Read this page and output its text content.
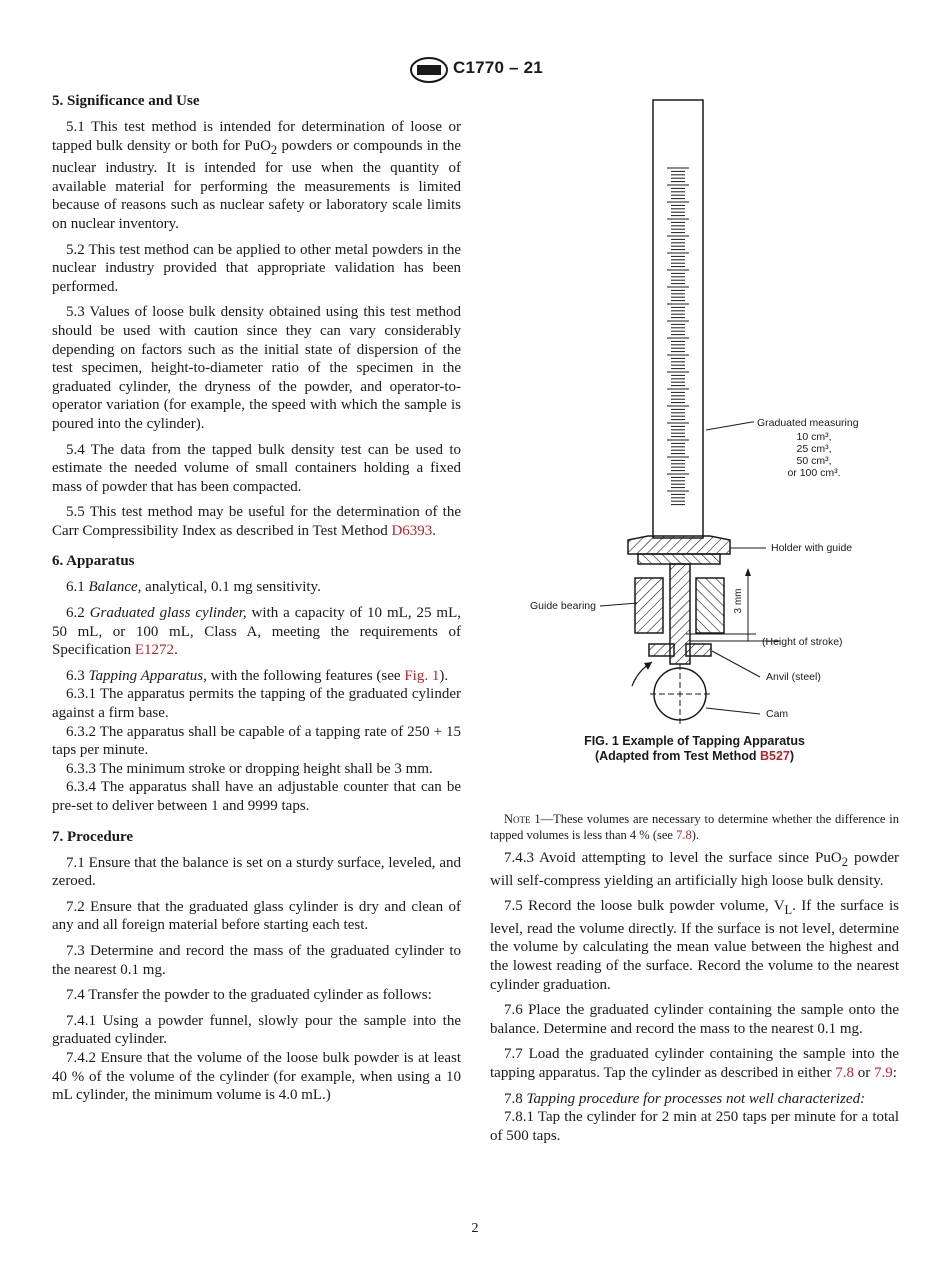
ASTM C1770 – 21
5. Significance and Use

5.1 This test method is intended for determination of loose or tapped bulk density or both for PuO$_2$ powders or compounds in the nuclear industry. It is intended for use when the quantity of available material for performing the measurements is limited because of reasons such as nuclear safety or laboratory scale limits on nuclear inventory.

5.2 This test method can be applied to other metal powders in the nuclear industry provided that appropriate validation has been performed.

5.3 Values of loose bulk density obtained using this test method should be used with caution since they can vary considerably depending on factors such as the initial state of dispersion of the test specimen, height-to-diameter ratio of the specimen in the graduated cylinder, the dryness of the powder, and operator-to-operator variation (for example, the speed with which the sample is poured into the cylinder).

5.4 The data from the tapped bulk density test can be used to estimate the needed volume of small containers holding a fixed mass of powder that has been compacted.

5.5 This test method may be useful for the determination of the Carr Compressibility Index as described in Test Method D6393.

6. Apparatus

6.1 Balance, analytical, 0.1 mg sensitivity.

6.2 Graduated glass cylinder, with a capacity of 10 mL, 25 mL, 50 mL, or 100 mL, Class A, meeting the requirements of Specification E1272.

6.3 Tapping Apparatus, with the following features (see Fig. 1).

6.3.1 The apparatus permits the tapping of the graduated cylinder against a firm base.

6.3.2 The apparatus shall be capable of a tapping rate of 250 + 15 taps per minute.

6.3.3 The minimum stroke or dropping height shall be 3 mm.

6.3.4 The apparatus shall have an adjustable counter that can be pre-set to deliver between 1 and 9999 taps.

7. Procedure

7.1 Ensure that the balance is set on a sturdy surface, leveled, and zeroed.

7.2 Ensure that the graduated glass cylinder is dry and clean of any and all foreign material before starting each test.

7.3 Determine and record the mass of the graduated cylinder to the nearest 0.1 mg.

7.4 Transfer the powder to the graduated cylinder as follows:

7.4.1 Using a powder funnel, slowly pour the sample into the graduated cylinder.

7.4.2 Ensure that the volume of the loose bulk powder is at least 40 % of the volume of the cylinder (for example, when using a 10 mL cylinder, the minimum volume is 4.0 mL.)

3 mm
Graduated measuring
10 cm³,
25 cm³,
50 cm³,
or 100 cm³.
Holder with guide
Guide bearing
(Height of stroke)
Anvil (steel)
Cam
FIG. 1 Example of Tapping Apparatus
(Adapted from Test Method B527)
Note 1—These volumes are necessary to determine whether the difference in tapped volumes is less than 4 % (see 7.8).

7.4.3 Avoid attempting to level the surface since PuO$_2$ powder will self-compress yielding an artificially high loose bulk density.

7.5 Record the loose bulk powder volume, $V_L$. If the surface is level, read the volume directly. If the surface is not level, determine the volume by calculating the mean value between the highest and the lowest reading of the surface. Record the volume to the nearest cylinder graduation.

7.6 Place the graduated cylinder containing the sample onto the balance. Determine and record the mass to the nearest 0.1 mg.

7.7 Load the graduated cylinder containing the sample into the tapping apparatus. Tap the cylinder as described in either 7.8 or 7.9:

7.8 Tapping procedure for processes not well characterized:

7.8.1 Tap the cylinder for 2 min at 250 taps per minute for a total of 500 taps.

2
